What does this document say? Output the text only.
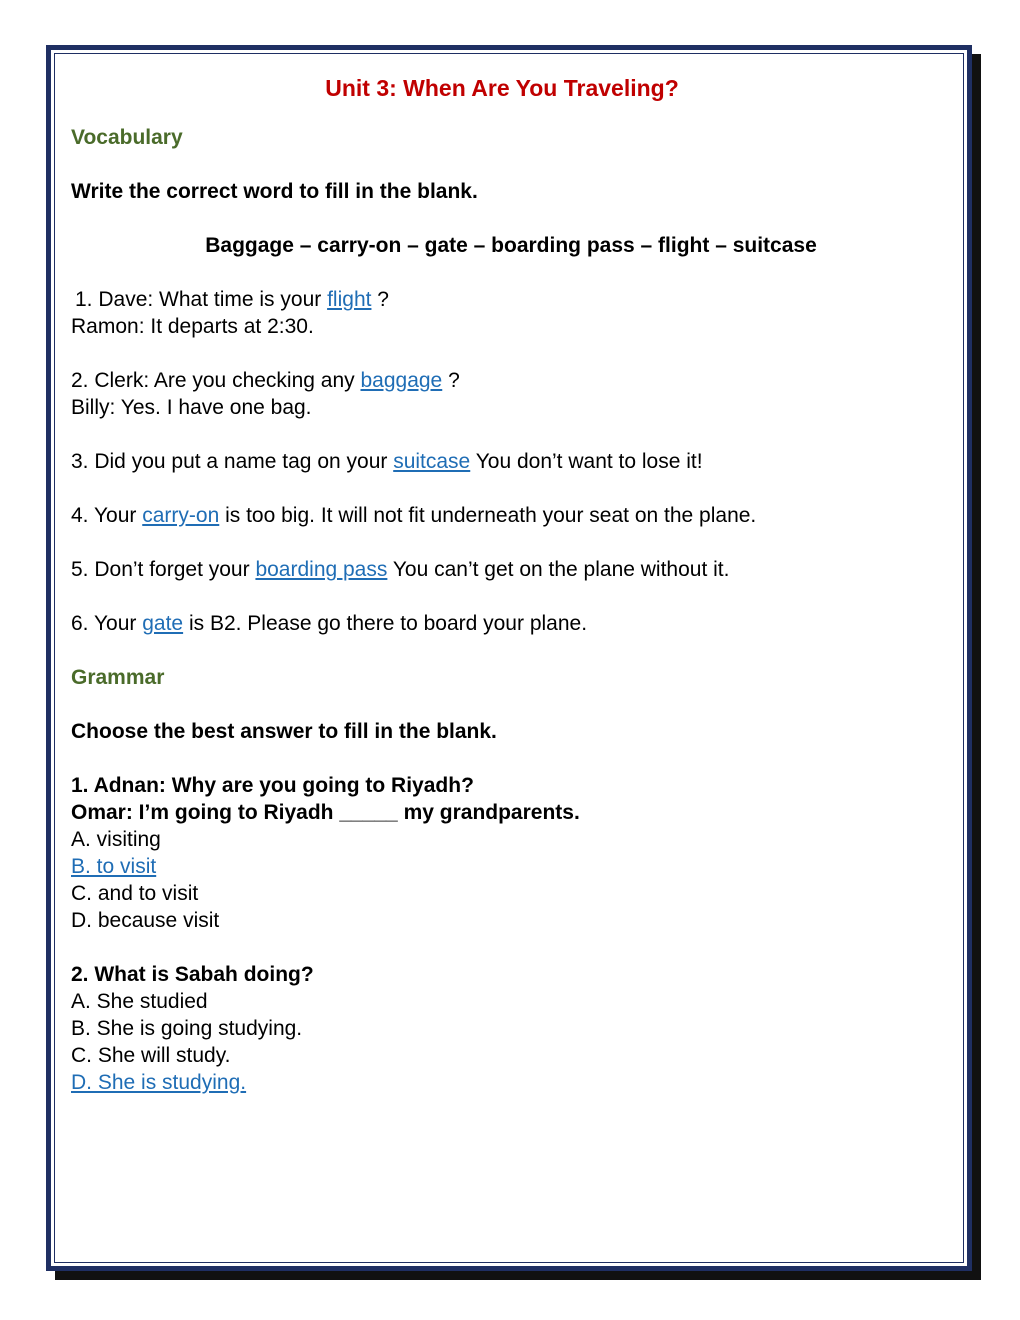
Unit 3: When Are You Traveling?
Vocabulary
Write the correct word to fill in the blank.
Baggage – carry-on – gate – boarding pass – flight – suitcase
1. Dave: What time is your flight ?
Ramon: It departs at 2:30.
2. Clerk: Are you checking any baggage ?
Billy: Yes. I have one bag.
3. Did you put a name tag on your suitcase You don’t want to lose it!
4. Your carry-on is too big. It will not fit underneath your seat on the plane.
5. Don’t forget your boarding pass You can’t get on the plane without it.
6. Your gate is B2. Please go there to board your plane.
Grammar
Choose the best answer to fill in the blank.
1. Adnan: Why are you going to Riyadh?
Omar: I’m going to Riyadh _____ my grandparents.
A. visiting
B. to visit
C. and to visit
D. because visit
2. What is Sabah doing?
A. She studied
B. She is going studying.
C. She will study.
D. She is studying.
